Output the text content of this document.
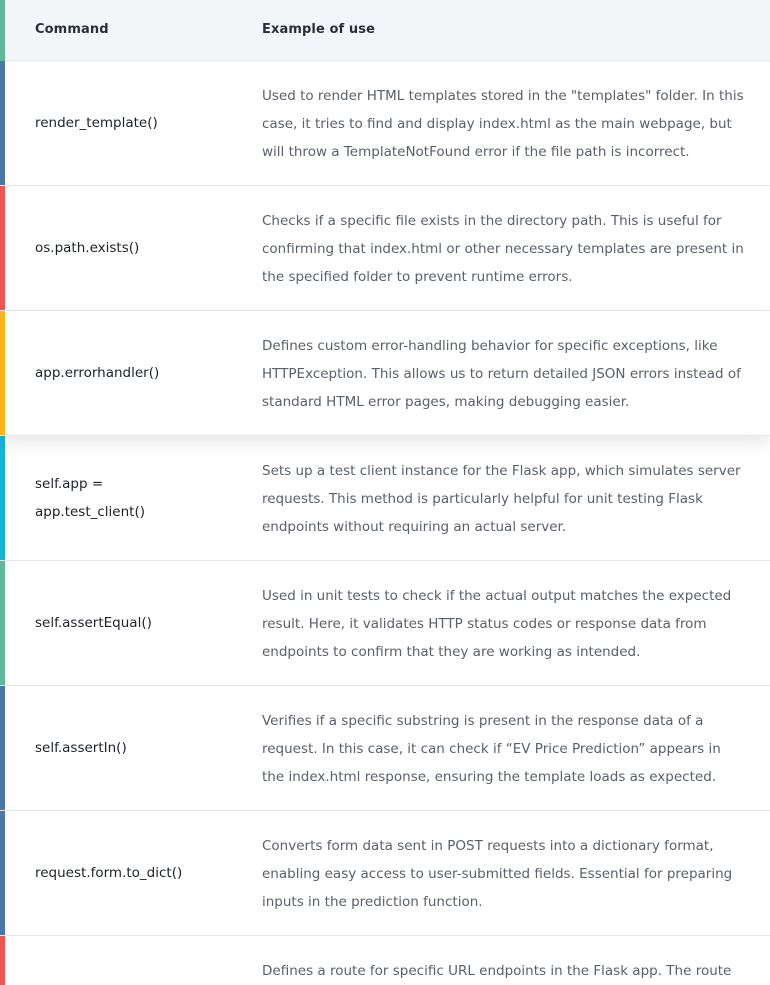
Command	Example of use
render_template()
Used to render HTML templates stored in the "templates" folder. In this case, it tries to find and display index.html as the main webpage, but will throw a TemplateNotFound error if the file path is incorrect.
os.path.exists()
Checks if a specific file exists in the directory path. This is useful for confirming that index.html or other necessary templates are present in the specified folder to prevent runtime errors.
app.errorhandler()
Defines custom error-handling behavior for specific exceptions, like HTTPException. This allows us to return detailed JSON errors instead of standard HTML error pages, making debugging easier.
self.app = app.test_client()
Sets up a test client instance for the Flask app, which simulates server requests. This method is particularly helpful for unit testing Flask endpoints without requiring an actual server.
self.assertEqual()
Used in unit tests to check if the actual output matches the expected result. Here, it validates HTTP status codes or response data from endpoints to confirm that they are working as intended.
self.assertIn()
Verifies if a specific substring is present in the response data of a request. In this case, it can check if “EV Price Prediction” appears in the index.html response, ensuring the template loads as expected.
request.form.to_dict()
Converts form data sent in POST requests into a dictionary format, enabling easy access to user-submitted fields. Essential for preparing inputs in the prediction function.
Defines a route for specific URL endpoints in the Flask app. The route
